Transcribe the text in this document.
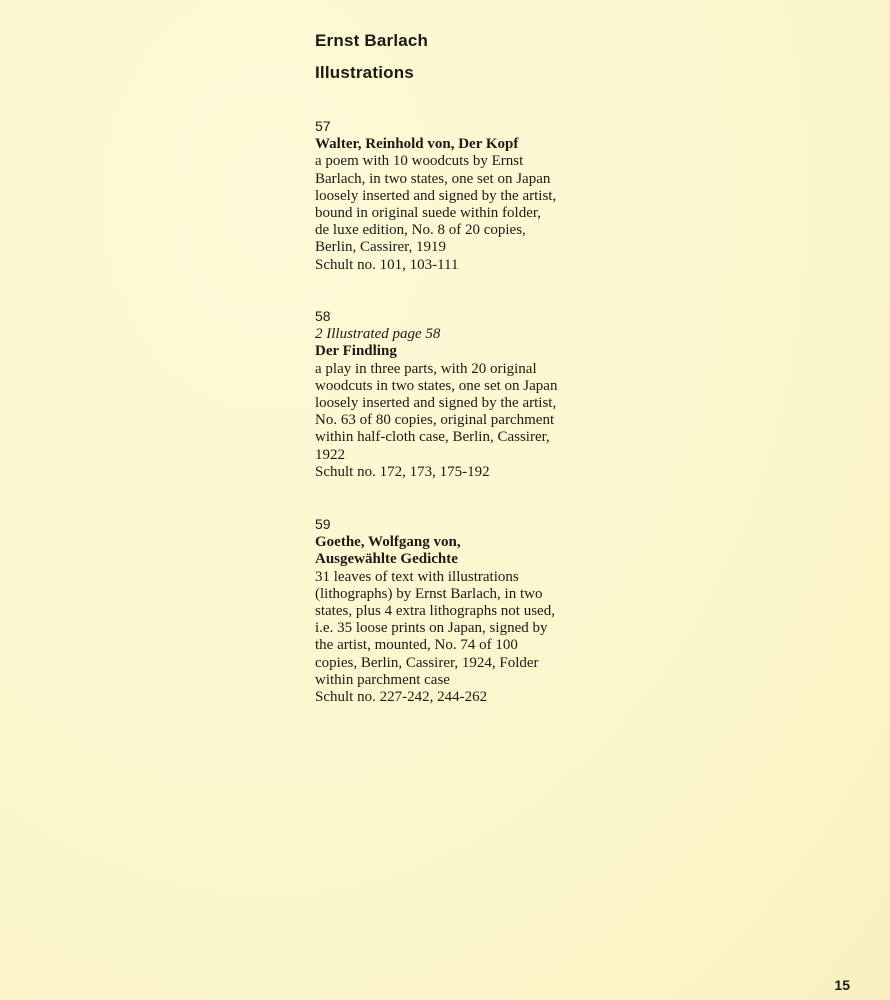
Ernst Barlach
Illustrations
57
Walter, Reinhold von, Der Kopf
a poem with 10 woodcuts by Ernst
Barlach, in two states, one set on Japan
loosely inserted and signed by the artist,
bound in original suede within folder,
de luxe edition, No. 8 of 20 copies,
Berlin, Cassirer, 1919
Schult no. 101, 103-111
58
2 Illustrated page 58
Der Findling
a play in three parts, with 20 original
woodcuts in two states, one set on Japan
loosely inserted and signed by the artist,
No. 63 of 80 copies, original parchment
within half-cloth case, Berlin, Cassirer,
1922
Schult no. 172, 173, 175-192
59
Goethe, Wolfgang von,
Ausgewählte Gedichte
31 leaves of text with illustrations
(lithographs) by Ernst Barlach, in two
states, plus 4 extra lithographs not used,
i.e. 35 loose prints on Japan, signed by
the artist, mounted, No. 74 of 100
copies, Berlin, Cassirer, 1924, Folder
within parchment case
Schult no. 227-242, 244-262
15
